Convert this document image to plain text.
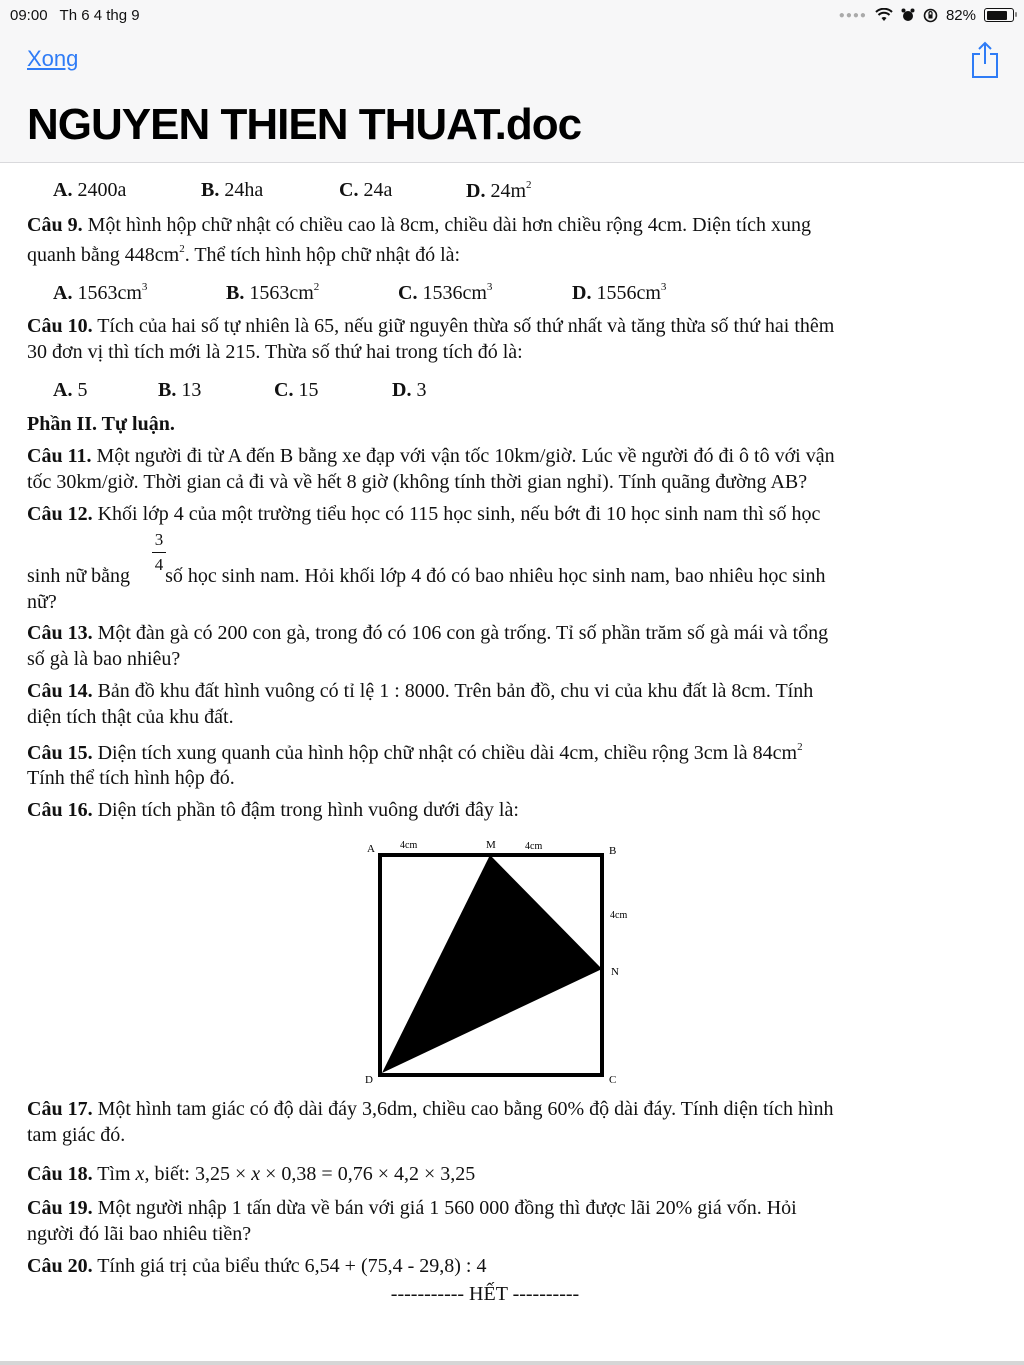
09:00 Th 6 4 thg 9	●●●●	82%
Xong
NGUYEN THIEN THUAT.doc
A. 2400a	B. 24ha	C. 24a	D. $24m^2$
Câu 9. Một hình hộp chữ nhật có chiều cao là 8cm, chiều dài hơn chiều rộng 4cm. Diện tích xung
quanh bằng $448cm^2$. Thể tích hình hộp chữ nhật đó là:
A. $1563cm^3$	B. $1563cm^2$	C. $1536cm^3$	D. $1556cm^3$
Câu 10. Tích của hai số tự nhiên là 65, nếu giữ nguyên thừa số thứ nhất và tăng thừa số thứ hai thêm
30 đơn vị thì tích mới là 215. Thừa số thứ hai trong tích đó là:
A. 5	B. 13	C. 15	D. 3
Phần II. Tự luận.
Câu 11. Một người đi từ A đến B bằng xe đạp với vận tốc 10km/giờ. Lúc về người đó đi ô tô với vận
tốc 30km/giờ. Thời gian cả đi và về hết 8 giờ (không tính thời gian nghỉ). Tính quãng đường AB?
Câu 12. Khối lớp 4 của một trường tiểu học có 115 học sinh, nếu bớt đi 10 học sinh nam thì số học
3
4
sinh nữ bằng số học sinh nam. Hỏi khối lớp 4 đó có bao nhiêu học sinh nam, bao nhiêu học sinh
nữ?
Câu 13. Một đàn gà có 200 con gà, trong đó có 106 con gà trống. Tỉ số phần trăm số gà mái và tổng
số gà là bao nhiêu?
Câu 14. Bản đồ khu đất hình vuông có tỉ lệ 1 : 8000. Trên bản đồ, chu vi của khu đất là 8cm. Tính
diện tích thật của khu đất.
Câu 15. Diện tích xung quanh của hình hộp chữ nhật có chiều dài 4cm, chiều rộng 3cm là $84cm^2$
Tính thể tích hình hộp đó.
Câu 16. Diện tích phần tô đậm trong hình vuông dưới đây là:
A	M	B
N
C
D
4cm	4cm
4cm
Câu 17. Một hình tam giác có độ dài đáy 3,6dm, chiều cao bằng 60% độ dài đáy. Tính diện tích hình
tam giác đó.
Câu 18. Tìm x, biết: 3,25 × x × 0,38 = 0,76 × 4,2 × 3,25
Câu 19. Một người nhập 1 tấn dừa về bán với giá 1 560 000 đồng thì được lãi 20% giá vốn. Hỏi
người đó lãi bao nhiêu tiền?
Câu 20. Tính giá trị của biểu thức 6,54 + (75,4 - 29,8) : 4
----------- HẾT ----------
